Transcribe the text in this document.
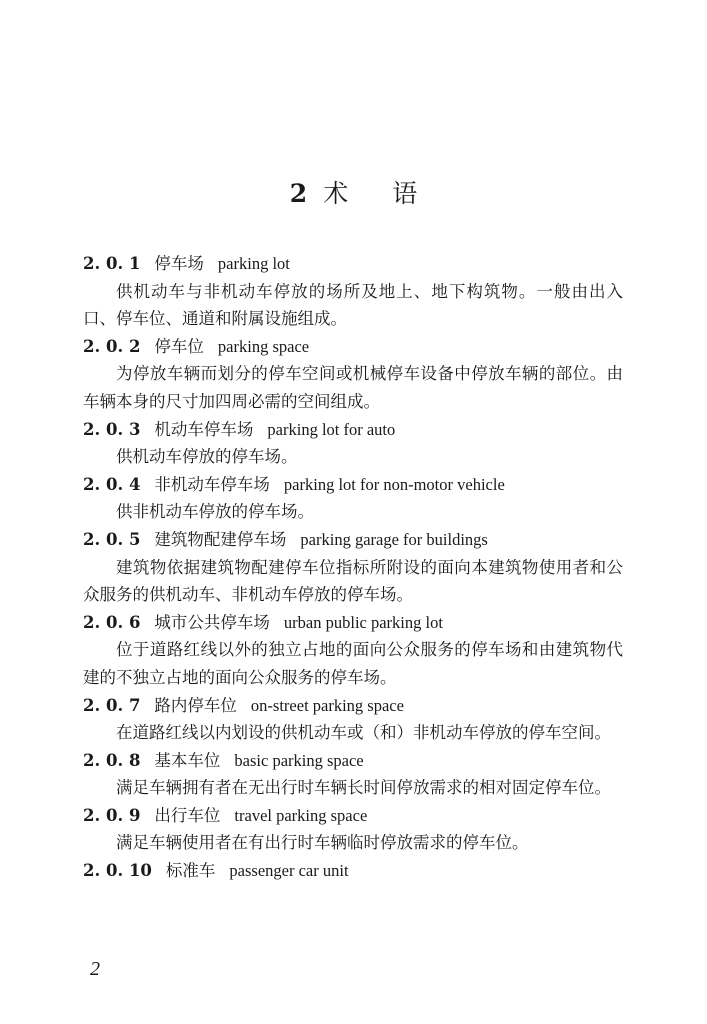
2 术 语
2. 0. 1 停车场 parking lot

供机动车与非机动车停放的场所及地上、地下构筑物。一般由出入口、停车位、通道和附属设施组成。

2. 0. 2 停车位 parking space

为停放车辆而划分的停车空间或机械停车设备中停放车辆的部位。由车辆本身的尺寸加四周必需的空间组成。

2. 0. 3 机动车停车场 parking lot for auto

供机动车停放的停车场。

2. 0. 4 非机动车停车场 parking lot for non-motor vehicle

供非机动车停放的停车场。

2. 0. 5 建筑物配建停车场 parking garage for buildings

建筑物依据建筑物配建停车位指标所附设的面向本建筑物使用者和公众服务的供机动车、非机动车停放的停车场。

2. 0. 6 城市公共停车场 urban public parking lot

位于道路红线以外的独立占地的面向公众服务的停车场和由建筑物代建的不独立占地的面向公众服务的停车场。

2. 0. 7 路内停车位 on-street parking space

在道路红线以内划设的供机动车或（和）非机动车停放的停车空间。

2. 0. 8 基本车位 basic parking space

满足车辆拥有者在无出行时车辆长时间停放需求的相对固定停车位。

2. 0. 9 出行车位 travel parking space

满足车辆使用者在有出行时车辆临时停放需求的停车位。

2. 0. 10 标准车 passenger car unit
2
